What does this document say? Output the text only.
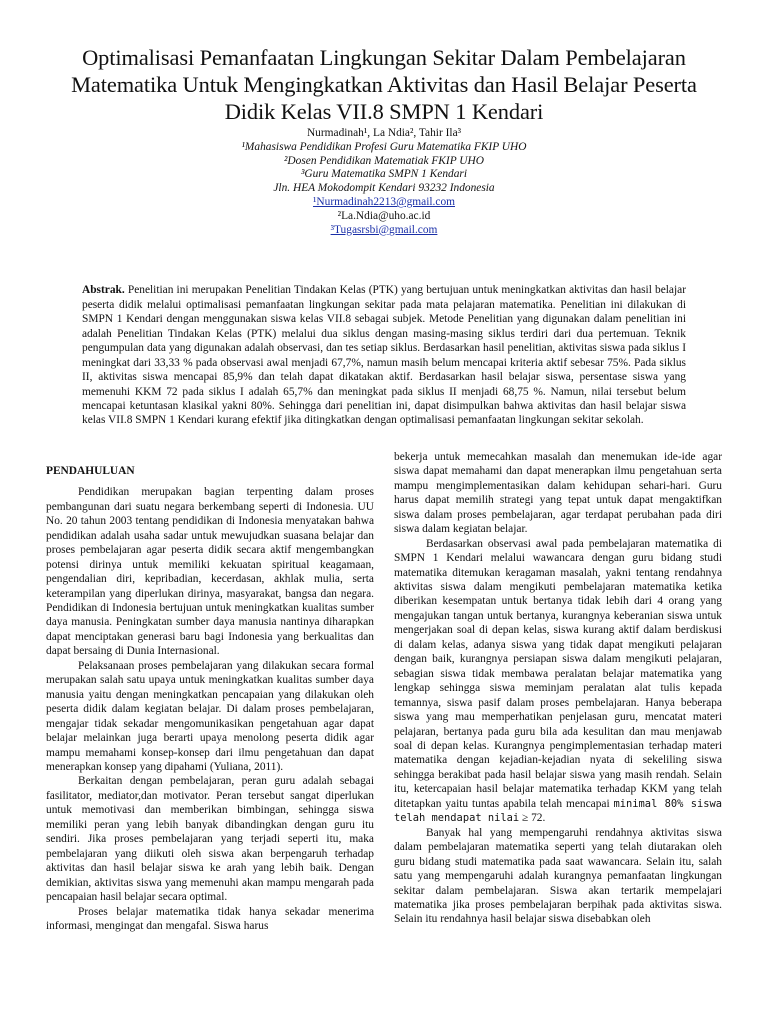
Optimalisasi Pemanfaatan Lingkungan Sekitar Dalam Pembelajaran Matematika Untuk Mengingkatkan Aktivitas dan Hasil Belajar Peserta Didik Kelas VII.8 SMPN 1 Kendari
Nurmadinah¹, La Ndia², Tahir Ila³
¹Mahasiswa Pendidikan Profesi Guru Matematika FKIP UHO
²Dosen Pendidikan Matematiak FKIP UHO
³Guru Matematika SMPN 1 Kendari
Jln. HEA Mokodompit Kendari 93232 Indonesia
¹Nurmadinah2213@gmail.com
²La.Ndia@uho.ac.id
³Tugasrsbi@gmail.com
Abstrak. Penelitian ini merupakan Penelitian Tindakan Kelas (PTK) yang bertujuan untuk meningkatkan aktivitas dan hasil belajar peserta didik melalui optimalisasi pemanfaatan lingkungan sekitar pada mata pelajaran matematika. Penelitian ini dilakukan di SMPN 1 Kendari dengan menggunakan siswa kelas VII.8 sebagai subjek. Metode Penelitian yang digunakan dalam penelitian ini adalah Penelitian Tindakan Kelas (PTK) melalui dua siklus dengan masing-masing siklus terdiri dari dua pertemuan. Teknik pengumpulan data yang digunakan adalah observasi, dan tes setiap siklus. Berdasarkan hasil penelitian, aktivitas siswa pada siklus I meningkat dari 33,33 % pada observasi awal menjadi 67,7%, namun masih belum mencapai kriteria aktif sebesar 75%. Pada siklus II, aktivitas siswa mencapai 85,9% dan telah dapat dikatakan aktif. Berdasarkan hasil belajar siswa, persentase siswa yang memenuhi KKM 72 pada siklus I adalah 65,7% dan meningkat pada siklus II menjadi 68,75 %. Namun, nilai tersebut belum mencapai ketuntasan klasikal yakni 80%. Sehingga dari penelitian ini, dapat disimpulkan bahwa aktivitas dan hasil belajar siswa kelas VII.8 SMPN 1 Kendari kurang efektif jika ditingkatkan dengan optimalisasi pemanfaatan lingkungan sekitar sekolah.
PENDAHULUAN

Pendidikan merupakan bagian terpenting dalam proses pembangunan dari suatu negara berkembang seperti di Indonesia. UU No. 20 tahun 2003 tentang pendidikan di Indonesia menyatakan bahwa pendidikan adalah usaha sadar untuk mewujudkan suasana belajar dan proses pembelajaran agar peserta didik secara aktif mengembangkan potensi dirinya untuk memiliki kekuatan spiritual keagamaan, pengendalian diri, kepribadian, kecerdasan, akhlak mulia, serta keterampilan yang diperlukan dirinya, masyarakat, bangsa dan negara. Pendidikan di Indonesia bertujuan untuk meningkatkan kualitas sumber daya manusia. Peningkatan sumber daya manusia nantinya diharapkan dapat menciptakan generasi baru bagi Indonesia yang berkualitas dan dapat bersaing di Dunia Internasional.

Pelaksanaan proses pembelajaran yang dilakukan secara formal merupakan salah satu upaya untuk meningkatkan kualitas sumber daya manusia yaitu dengan meningkatkan pencapaian yang dilakukan oleh peserta didik dalam kegiatan belajar. Di dalam proses pembelajaran, mengajar tidak sekadar mengomunikasikan pengetahuan agar dapat belajar melainkan juga berarti upaya menolong peserta didik agar mampu memahami konsep-konsep dari ilmu pengetahuan dan dapat menerapkan konsep yang dipahami (Yuliana, 2011).

Berkaitan dengan pembelajaran, peran guru adalah sebagai fasilitator, mediator,dan motivator. Peran tersebut sangat diperlukan untuk memotivasi dan memberikan bimbingan, sehingga siswa memiliki peran yang lebih banyak dibandingkan dengan guru itu sendiri. Jika proses pembelajaran yang terjadi seperti itu, maka pembelajaran yang diikuti oleh siswa akan berpengaruh terhadap aktivitas dan hasil belajar siswa ke arah yang lebih baik. Dengan demikian, aktivitas siswa yang memenuhi akan mampu mengarah pada pencapaian hasil belajar secara optimal.

Proses belajar matematika tidak hanya sekadar menerima informasi, mengingat dan mengafal. Siswa harus

bekerja untuk memecahkan masalah dan menemukan ide-ide agar siswa dapat memahami dan dapat menerapkan ilmu pengetahuan serta mampu mengimplementasikan dalam kehidupan sehari-hari. Guru harus dapat memilih strategi yang tepat untuk dapat mengaktifkan siswa dalam proses pembelajaran, agar terdapat perubahan pada diri siswa dalam kegiatan belajar.

Berdasarkan observasi awal pada pembelajaran matematika di SMPN 1 Kendari melalui wawancara dengan guru bidang studi matematika ditemukan keragaman masalah, yakni tentang rendahnya aktivitas siswa dalam mengikuti pembelajaran matematika ketika diberikan kesempatan untuk bertanya tidak lebih dari 4 orang yang mengajukan tangan untuk bertanya, kurangnya keberanian siswa untuk mengerjakan soal di depan kelas, siswa kurang aktif dalam berdiskusi di dalam kelas, adanya siswa yang tidak dapat mengikuti pelajaran dengan baik, kurangnya persiapan siswa dalam mengikuti pelajaran, sebagian siswa tidak membawa peralatan belajar matematika yang lengkap sehingga siswa meminjam peralatan alat tulis kepada temannya, siswa pasif dalam proses pembelajaran. Hanya beberapa siswa yang mau memperhatikan penjelasan guru, mencatat materi pelajaran, bertanya pada guru bila ada kesulitan dan mau menjawab soal di depan kelas. Kurangnya pengimplementasian terhadap materi matematika dengan kejadian-kejadian nyata di sekeliling siswa sehingga berakibat pada hasil belajar siswa yang masih rendah. Selain itu, ketercapaian hasil belajar matematika terhadap KKM yang telah ditetapkan yaitu tuntas apabila telah mencapai minimal 80% siswa telah mendapat nilai ≥ 72.

Banyak hal yang mempengaruhi rendahnya aktivitas siswa dalam pembelajaran matematika seperti yang telah diutarakan oleh guru bidang studi matematika pada saat wawancara. Selain itu, salah satu yang mempengaruhi adalah kurangnya pemanfaatan lingkungan sekitar dalam pembelajaran. Siswa akan tertarik mempelajari matematika jika proses pembelajaran berpihak pada aktivitas siswa. Selain itu rendahnya hasil belajar siswa disebabkan oleh
